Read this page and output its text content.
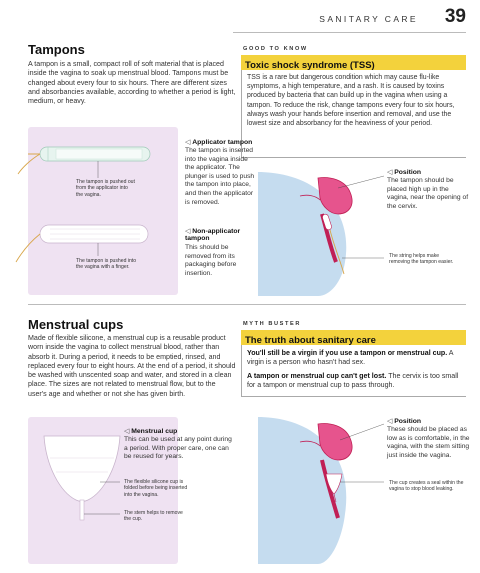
SANITARY CARE 39
Tampons

A tampon is a small, compact roll of soft material that is placed inside the vagina to soak up menstrual blood. Tampons must be changed about every four to six hours. There are different sizes and absorbancies available, according to whether a period is light, medium, or heavy.

GOOD TO KNOW
Toxic shock syndrome (TSS)

TSS is a rare but dangerous condition which may cause flu-like symptoms, a high temperature, and a rash. It is caused by toxins produced by bacteria that can build up in the vagina when using a tampon. To reduce the risk, change tampons every four to six hours, always wash your hands before insertion and removal, and use the lowest size and absorbancy for the heaviness of your period.

The tampon is pushed out from the applicator into the vagina.
The tampon is pushed into the vagina with a finger.
◁ Applicator tampon

The tampon is inserted into the vagina inside the applicator. The plunger is used to push the tampon into place, and then the applicator is removed.

◁ Non-applicator tampon

This should be removed from its packaging before insertion.

◁ Position

The tampon should be placed high up in the vagina, near the opening of the cervix.

The string helps make removing the tampon easier.
Menstrual cups

Made of flexible silicone, a menstrual cup is a reusable product worn inside the vagina to collect menstrual blood, rather than absorb it. During a period, it needs to be emptied, rinsed, and replaced every four to eight hours. At the end of a period, it should be washed with unscented soap and water, and stored in a clean place. The sizes are not related to menstrual flow, but to the user's age and whether or not she has given birth.

MYTH BUSTER
The truth about sanitary care

You'll still be a virgin if you use a tampon or menstrual cup. A virgin is a person who hasn't had sex.

A tampon or menstrual cup can't get lost. The cervix is too small for a tampon or menstrual cup to pass through.

◁ Menstrual cup

This can be used at any point during a period. With proper care, one can be reused for years.

The flexible silicone cup is folded before being inserted into the vagina.
The stem helps to remove the cup.
◁ Position

These should be placed as low as is comfortable, in the vagina, with the stem sitting just inside the vagina.

The cup creates a seal within the vagina to stop blood leaking.
